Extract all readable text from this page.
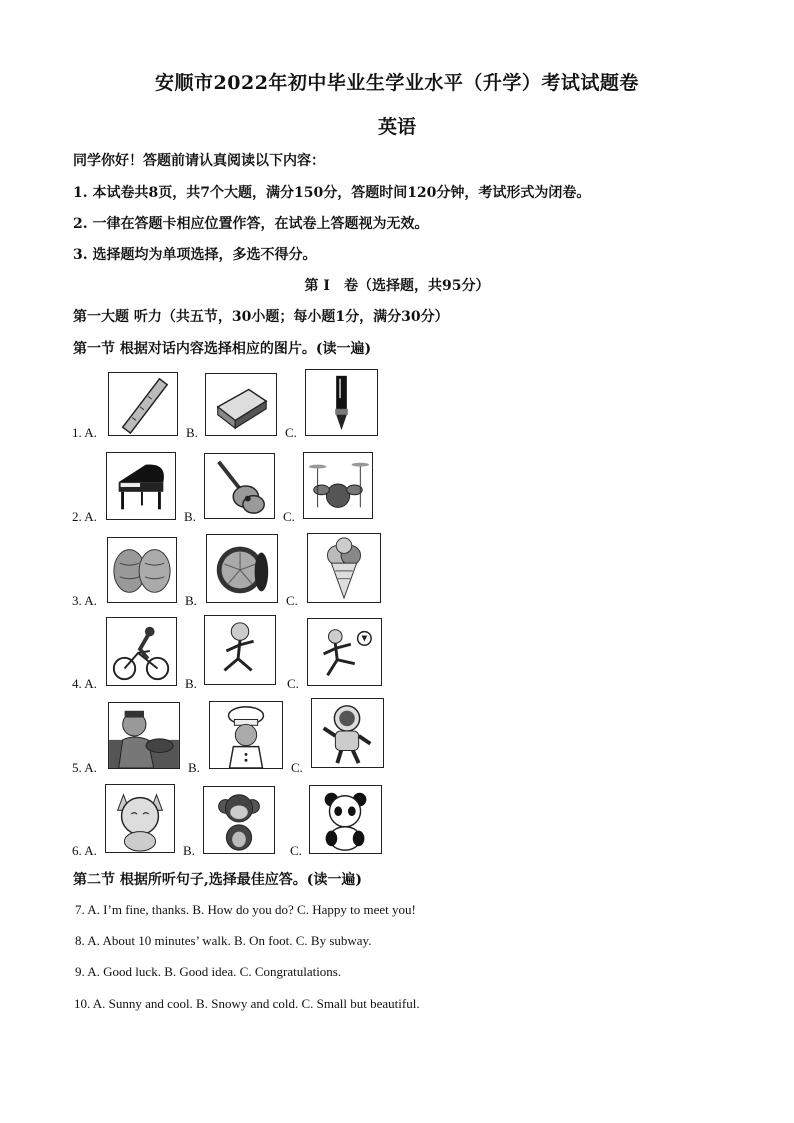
安顺市2022年初中毕业生学业水平（升学）考试试题卷
英语
同学你好！答题前请认真阅读以下内容：
1. 本试卷共8页，共7个大题，满分150分，答题时间120分钟，考试形式为闭卷。
2. 一律在答题卡相应位置作答，在试卷上答题视为无效。
3. 选择题均为单项选择，多选不得分。
第 I　卷（选择题，共95分）
第一大题 听力（共五节，30小题；每小题1分，满分30分）
第一节 根据对话内容选择相应的图片。(读一遍)
1. A.	B.	C.
2. A.	B.	C.
3. A.	B.	C.
4. A.	B.	C.
5. A.	B.	C.
6. A.	B.	C.
第二节 根据所听句子,选择最佳应答。(读一遍)
7. A. I’m fine, thanks. B. How do you do? C. Happy to meet you!
8. A. About 10 minutes’ walk. B. On foot. C. By subway.
9. A. Good luck. B. Good idea. C. Congratulations.
10. A. Sunny and cool. B. Snowy and cold. C. Small but beautiful.
